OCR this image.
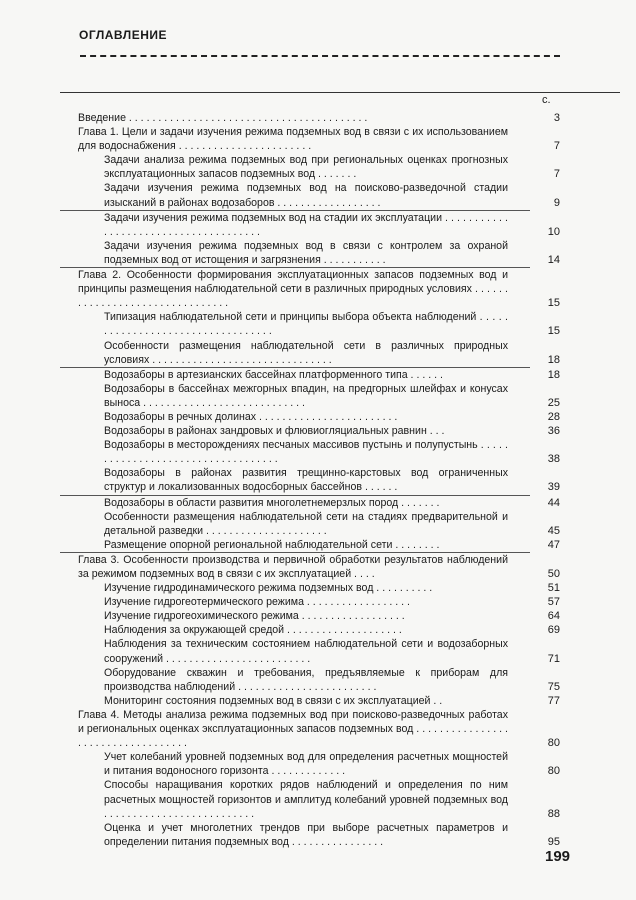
ОГЛАВЛЕНИЕ
с.
Введение . . . . . . . . . . . . . . . . . . . . . . . . . . . . . . . . . . . . . . . . .	3
Глава 1. Цели и задачи изучения режима подземных вод в связи с их использованием для водоснабжения . . . . . . . . . . . . . . . . . . . . . . .	7
Задачи анализа режима подземных вод при региональных оценках прогнозных эксплуатационных запасов подземных вод . . . . . . .	7
Задачи изучения режима подземных вод на поисково-разведочной стадии изысканий в районах водозаборов . . . . . . . . . . . . . . . . . .	9
Задачи изучения режима подземных вод на стадии их эксплуатации . . . . . . . . . . . . . . . . . . . . . . . . . . . . . . . . . . . . . .	10
Задачи изучения режима подземных вод в связи с контролем за охраной подземных вод от истощения и загрязнения . . . . . . . . . . .	14
Глава 2. Особенности формирования эксплуатационных запасов подземных вод и принципы размещения наблюдательной сети в различных природных условиях . . . . . . . . . . . . . . . . . . . . . . . . . . . . . . . .	15
Типизация наблюдательной сети и принципы выбора объекта наблюдений . . . . . . . . . . . . . . . . . . . . . . . . . . . . . . . . . .	15
Особенности размещения наблюдательной сети в различных природных условиях . . . . . . . . . . . . . . . . . . . . . . . . . . . . . . .	18
Водозаборы в артезианских бассейнах платформенного типа . . . . . .	18
Водозаборы в бассейнах межгорных впадин, на предгорных шлейфах и конусах выноса . . . . . . . . . . . . . . . . . . . . . . . . . . . .	25
Водозаборы в речных долинах . . . . . . . . . . . . . . . . . . . . . . . .	28
Водозаборы в районах зандровых и флювиогляциальных равнин . . .	36
Водозаборы в месторождениях песчаных массивов пустынь и полупустынь . . . . . . . . . . . . . . . . . . . . . . . . . . . . . . . . . . .	38
Водозаборы в районах развития трещинно-карстовых вод ограниченных структур и локализованных водосборных бассейнов . . . . . .	39
Водозаборы в области развития многолетнемерзлых пород . . . . . . .	44
Особенности размещения наблюдательной сети на стадиях предварительной и детальной разведки . . . . . . . . . . . . . . . . . . . . .	45
Размещение опорной региональной наблюдательной сети . . . . . . . .	47
Глава 3. Особенности производства и первичной обработки результатов наблюдений за режимом подземных вод в связи с их эксплуатацией . . . .	50
Изучение гидродинамического режима подземных вод . . . . . . . . . .	51
Изучение гидрогеотермического режима . . . . . . . . . . . . . . . . . .	57
Изучение гидрогеохимического режима . . . . . . . . . . . . . . . . . .	64
Наблюдения за окружающей средой . . . . . . . . . . . . . . . . . . . .	69
Наблюдения за техническим состоянием наблюдательной сети и водозаборных сооружений . . . . . . . . . . . . . . . . . . . . . . . . .	71
Оборудование скважин и требования, предъявляемые к приборам для производства наблюдений . . . . . . . . . . . . . . . . . . . . . . . .	75
Мониторинг состояния подземных вод в связи с их эксплуатацией . .	77
Глава 4. Методы анализа режима подземных вод при поисково-разведочных работах и региональных оценках эксплуатационных запасов подземных вод . . . . . . . . . . . . . . . . . . . . . . . . . . . . . . . . . . .	80
Учет колебаний уровней подземных вод для определения расчетных мощностей и питания водоносного горизонта . . . . . . . . . . . . .	80
Способы наращивания коротких рядов наблюдений и определения по ним расчетных мощностей горизонтов и амплитуд колебаний уровней подземных вод . . . . . . . . . . . . . . . . . . . . . . . . . .	88
Оценка и учет многолетних трендов при выборе расчетных параметров и определении питания подземных вод . . . . . . . . . . . . . . . .	95
199
